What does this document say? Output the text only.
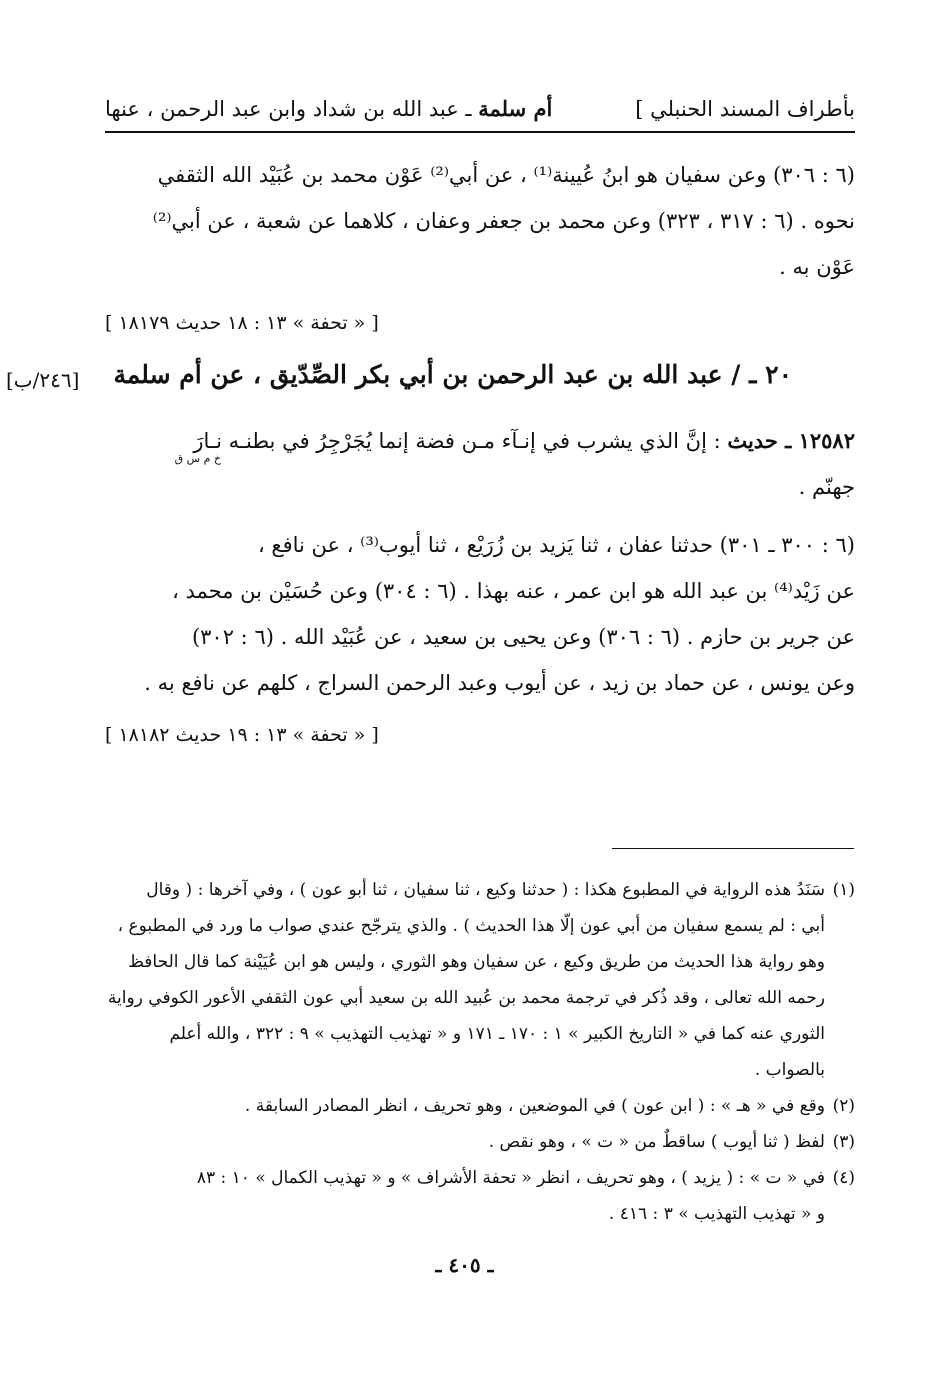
بأطراف المسند الحنبلي ]
أم سلمة ـ عبد الله بن شداد وابن عبد الرحمن ، عنها

(٦ : ٣٠٦) وعن سفيان هو ابنُ عُيينة⁽¹⁾ ، عن أبي⁽²⁾ عَوْن محمد بن عُبَيْد الله الثقفي

نحوه . (٦ : ٣١٧ ، ٣٢٣) وعن محمد بن جعفر وعفان ، كلاهما عن شعبة ، عن أبي⁽²⁾

عَوْن به .

[ « تحفة » ١٣ : ١٨ حديث ١٨١٧٩ ]
٢٠ ـ / عبد الله بن عبد الرحمن بن أبي بكر الصِّدّيق ، عن أم سلمة
[٢٤٦/ب]

١٢٥٨٢ ـ حديث : إنَّ الذي يشرب في إنـآء مـن فضة إنما يُجَرْجِرُ في بطنـه نـارَ

جهنّم .

خ م س ق

(٦ : ٣٠٠ ـ ٣٠١) حدثنا عفان ، ثنا يَزيد بن زُرَيْع ، ثنا أيوب⁽³⁾ ، عن نافع ،

عن زَيْد⁽⁴⁾ بن عبد الله هو ابن عمر ، عنه بهذا . (٦ : ٣٠٤) وعن حُسَيْن بن محمد ،

عن جرير بن حازم . (٦ : ٣٠٦) وعن يحيى بن سعيد ، عن عُبَيْد الله . (٦ : ٣٠٢)

وعن يونس ، عن حماد بن زيد ، عن أيوب وعبد الرحمن السراج ، كلهم عن نافع به .

[ « تحفة » ١٣ : ١٩ حديث ١٨١٨٢ ]

(١)سَنَدُ هذه الرواية في المطبوع هكذا : ( حدثنا وكيع ، ثنا سفيان ، ثنا أبو عون ) ، وفي آخرها : ( وقال

أبي : لم يسمع سفيان من أبي عون إلّا هذا الحديث ) . والذي يترجّح عندي صواب ما ورد في المطبوع ،

وهو رواية هذا الحديث من طريق وكيع ، عن سفيان وهو الثوري ، وليس هو ابن عُيَيْنة كما قال الحافظ

رحمه الله تعالى ، وقد ذُكر في ترجمة محمد بن عُبيد الله بن سعيد أبي عون الثقفي الأعور الكوفي رواية

الثوري عنه كما في « التاريخ الكبير » ١ : ١٧٠ ـ ١٧١ و « تهذيب التهذيب » ٩ : ٣٢٢ ، والله أعلم

بالصواب .

(٢)وقع في « هـ » : ( ابن عون ) في الموضعين ، وهو تحريف ، انظر المصادر السابقة .

(٣)لفظ ( ثنا أيوب ) ساقطٌ من « ت » ، وهو نقص .

(٤)في « ت » : ( يزيد ) ، وهو تحريف ، انظر « تحفة الأشراف » و « تهذيب الكمال » ١٠ : ٨٣

و « تهذيب التهذيب » ٣ : ٤١٦ .

ـ ٤٠٥ ـ
